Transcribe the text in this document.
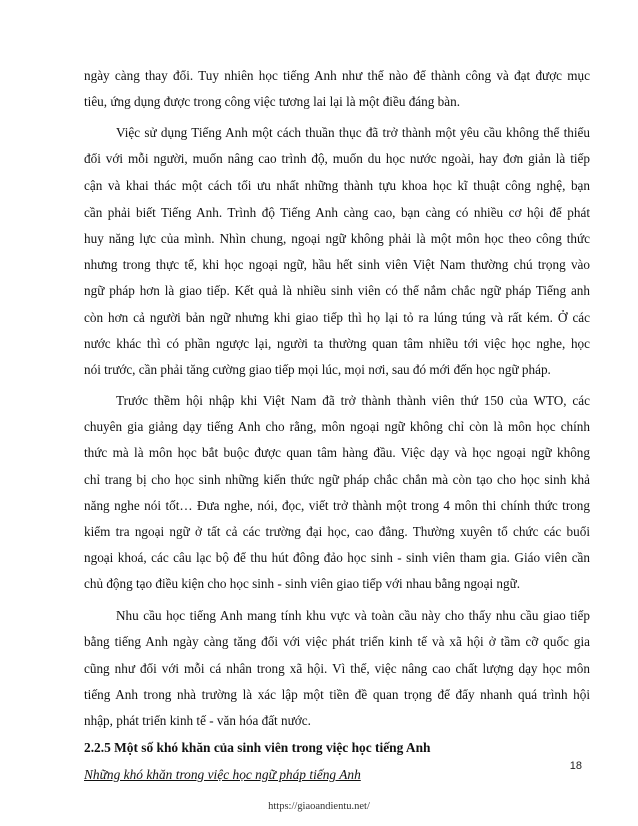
ngày càng thay đổi. Tuy nhiên học tiếng Anh như thế nào để thành công và đạt được mục
tiêu, ứng dụng được trong công việc tương lai lại là một điều đáng bàn.
Việc sử dụng Tiếng Anh một cách thuần thục đã trở thành một yêu cầu không thể thiếu
đối với mỗi người, muốn nâng cao trình độ, muốn du học nước ngoài, hay đơn giản là tiếp
cận và khai thác một cách tối ưu nhất những thành tựu khoa học kĩ thuật công nghệ, bạn
cần phải biết Tiếng Anh. Trình độ Tiếng Anh càng cao, bạn càng có nhiều cơ hội để phát
huy năng lực của mình. Nhìn chung, ngoại ngữ không phải là một môn học theo công thức
nhưng trong thực tế, khi học ngoại ngữ, hầu hết sinh viên Việt Nam thường chú trọng vào
ngữ pháp hơn là giao tiếp. Kết quả là nhiều sinh viên có thể nắm chắc ngữ pháp Tiếng anh
còn hơn cả người bản ngữ nhưng khi giao tiếp thì họ lại tỏ ra lúng túng và rất kém. Ở các
nước khác thì có phần ngược lại, người ta thường quan tâm nhiều tới việc học nghe, học
nói trước, cần phải tăng cường giao tiếp mọi lúc, mọi nơi, sau đó mới đến học ngữ pháp.
Trước thềm hội nhập khi Việt Nam đã trở thành thành viên thứ 150 của WTO, các
chuyên gia giảng dạy tiếng Anh cho rằng, môn ngoại ngữ không chỉ còn là môn học chính
thức mà là môn học bắt buộc được quan tâm hàng đầu. Việc dạy và học ngoại ngữ không
chỉ trang bị cho học sinh những kiến thức ngữ pháp chắc chắn mà còn tạo cho học sinh khả
năng nghe nói tốt… Đưa nghe, nói, đọc, viết trở thành một trong 4 môn thi chính thức trong
kiểm tra ngoại ngữ ở tất cả các trường đại học, cao đẳng. Thường xuyên tổ chức các buổi
ngoại khoá, các câu lạc bộ để thu hút đông đảo học sinh - sinh viên tham gia. Giáo viên cần
chủ động tạo điều kiện cho học sinh - sinh viên giao tiếp với nhau bằng ngoại ngữ.
Nhu cầu học tiếng Anh mang tính khu vực và toàn cầu này cho thấy nhu cầu giao tiếp
bằng tiếng Anh ngày càng tăng đối với việc phát triển kinh tế và xã hội ở tầm cỡ quốc gia
cũng như đối với mỗi cá nhân trong xã hội. Vì thế, việc nâng cao chất lượng dạy học môn
tiếng Anh trong nhà trường là xác lập một tiền đề quan trọng để đẩy nhanh quá trình hội
nhập, phát triển kinh tế - văn hóa đất nước.
2.2.5 Một số khó khăn của sinh viên trong việc học tiếng Anh
Những khó khăn trong việc học ngữ pháp tiếng Anh
18
https://giaoandientu.net/
